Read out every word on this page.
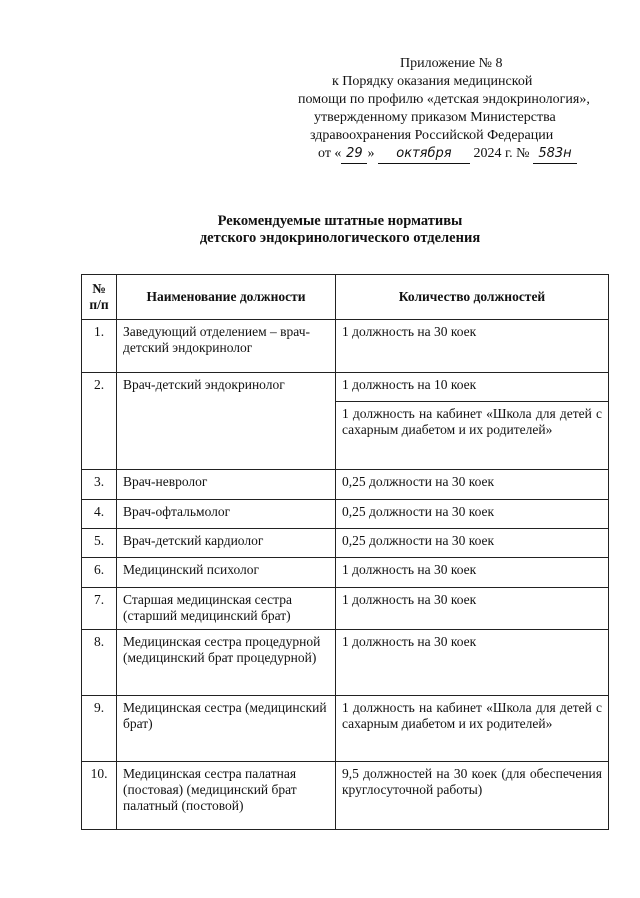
Приложение № 8
к Порядку оказания медицинской
помощи по профилю «детская эндокринология»,
утвержденному приказом Министерства
здравоохранения Российской Федерации
от « 29 » октября 2024 г. № 583н
Рекомендуемые штатные нормативы
детского эндокринологического отделения
№ п/п	Наименование должности	Количество должностей
1.	Заведующий отделением – врач-детский эндокринолог	1 должность на 30 коек
2.	Врач-детский эндокринолог	1 должность на 10 коек
		1 должность на кабинет «Школа для детей с сахарным диабетом и их родителей»
3.	Врач-невролог	0,25 должности на 30 коек
4.	Врач-офтальмолог	0,25 должности на 30 коек
5.	Врач-детский кардиолог	0,25 должности на 30 коек
6.	Медицинский психолог	1 должность на 30 коек
7.	Старшая медицинская сестра (старший медицинский брат)	1 должность на 30 коек
8.	Медицинская сестра процедурной (медицинский брат процедурной)	1 должность на 30 коек
9.	Медицинская сестра (медицинский брат)	1 должность на кабинет «Школа для детей с сахарным диабетом и их родителей»
10.	Медицинская сестра палатная (постовая) (медицинский брат палатный (постовой)	9,5 должностей на 30 коек (для обеспечения круглосуточной работы)
